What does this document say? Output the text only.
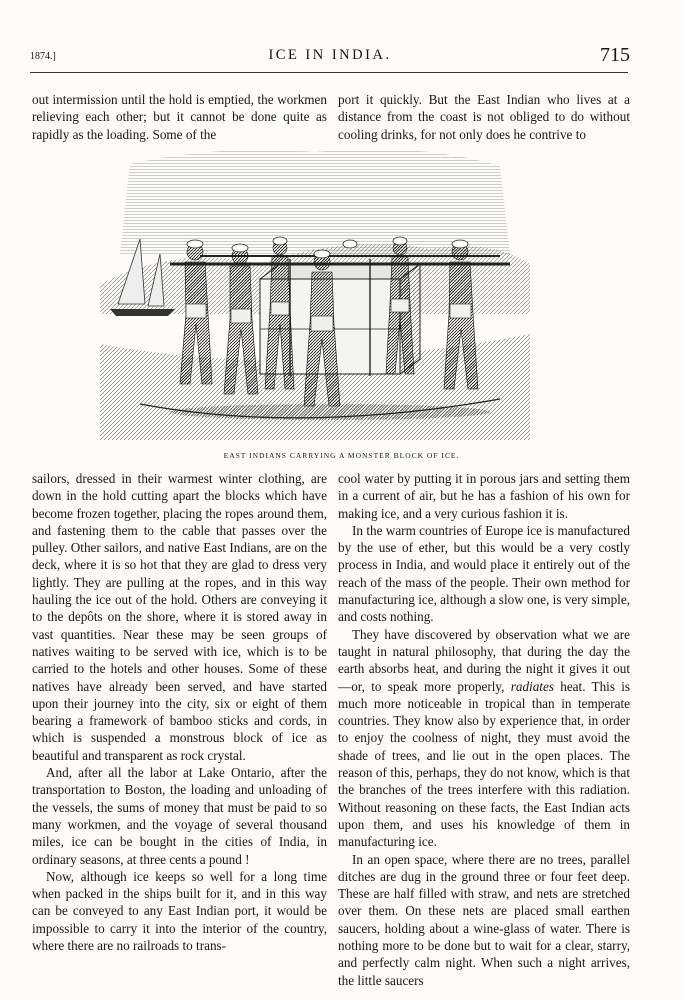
1874.]	ICE IN INDIA.	715

out intermission until the hold is emptied, the workmen relieving each other; but it cannot be done quite as rapidly as the loading. Some of the

port it quickly. But the East Indian who lives at a distance from the coast is not obliged to do without cooling drinks, for not only does he contrive to

EAST INDIANS CARRYING A MONSTER BLOCK OF ICE.

sailors, dressed in their warmest winter clothing, are down in the hold cutting apart the blocks which have become frozen together, placing the ropes around them, and fastening them to the cable that passes over the pulley. Other sailors, and native East Indians, are on the deck, where it is so hot that they are glad to dress very lightly. They are pulling at the ropes, and in this way hauling the ice out of the hold. Others are conveying it to the depôts on the shore, where it is stored away in vast quantities. Near these may be seen groups of natives waiting to be served with ice, which is to be carried to the hotels and other houses. Some of these natives have already been served, and have started upon their journey into the city, six or eight of them bearing a framework of bamboo sticks and cords, in which is suspended a monstrous block of ice as beautiful and transparent as rock crystal.

And, after all the labor at Lake Ontario, after the transportation to Boston, the loading and unloading of the vessels, the sums of money that must be paid to so many workmen, and the voyage of several thousand miles, ice can be bought in the cities of India, in ordinary seasons, at three cents a pound !

Now, although ice keeps so well for a long time when packed in the ships built for it, and in this way can be conveyed to any East Indian port, it would be impossible to carry it into the interior of the country, where there are no railroads to trans-

cool water by putting it in porous jars and setting them in a current of air, but he has a fashion of his own for making ice, and a very curious fashion it is.

In the warm countries of Europe ice is manufactured by the use of ether, but this would be a very costly process in India, and would place it entirely out of the reach of the mass of the people. Their own method for manufacturing ice, although a slow one, is very simple, and costs nothing.

They have discovered by observation what we are taught in natural philosophy, that during the day the earth absorbs heat, and during the night it gives it out—or, to speak more properly, radiates heat. This is much more noticeable in tropical than in temperate countries. They know also by experience that, in order to enjoy the coolness of night, they must avoid the shade of trees, and lie out in the open places. The reason of this, perhaps, they do not know, which is that the branches of the trees interfere with this radiation. Without reasoning on these facts, the East Indian acts upon them, and uses his knowledge of them in manufacturing ice.

In an open space, where there are no trees, parallel ditches are dug in the ground three or four feet deep. These are half filled with straw, and nets are stretched over them. On these nets are placed small earthen saucers, holding about a wine-glass of water. There is nothing more to be done but to wait for a clear, starry, and perfectly calm night. When such a night arrives, the little saucers
